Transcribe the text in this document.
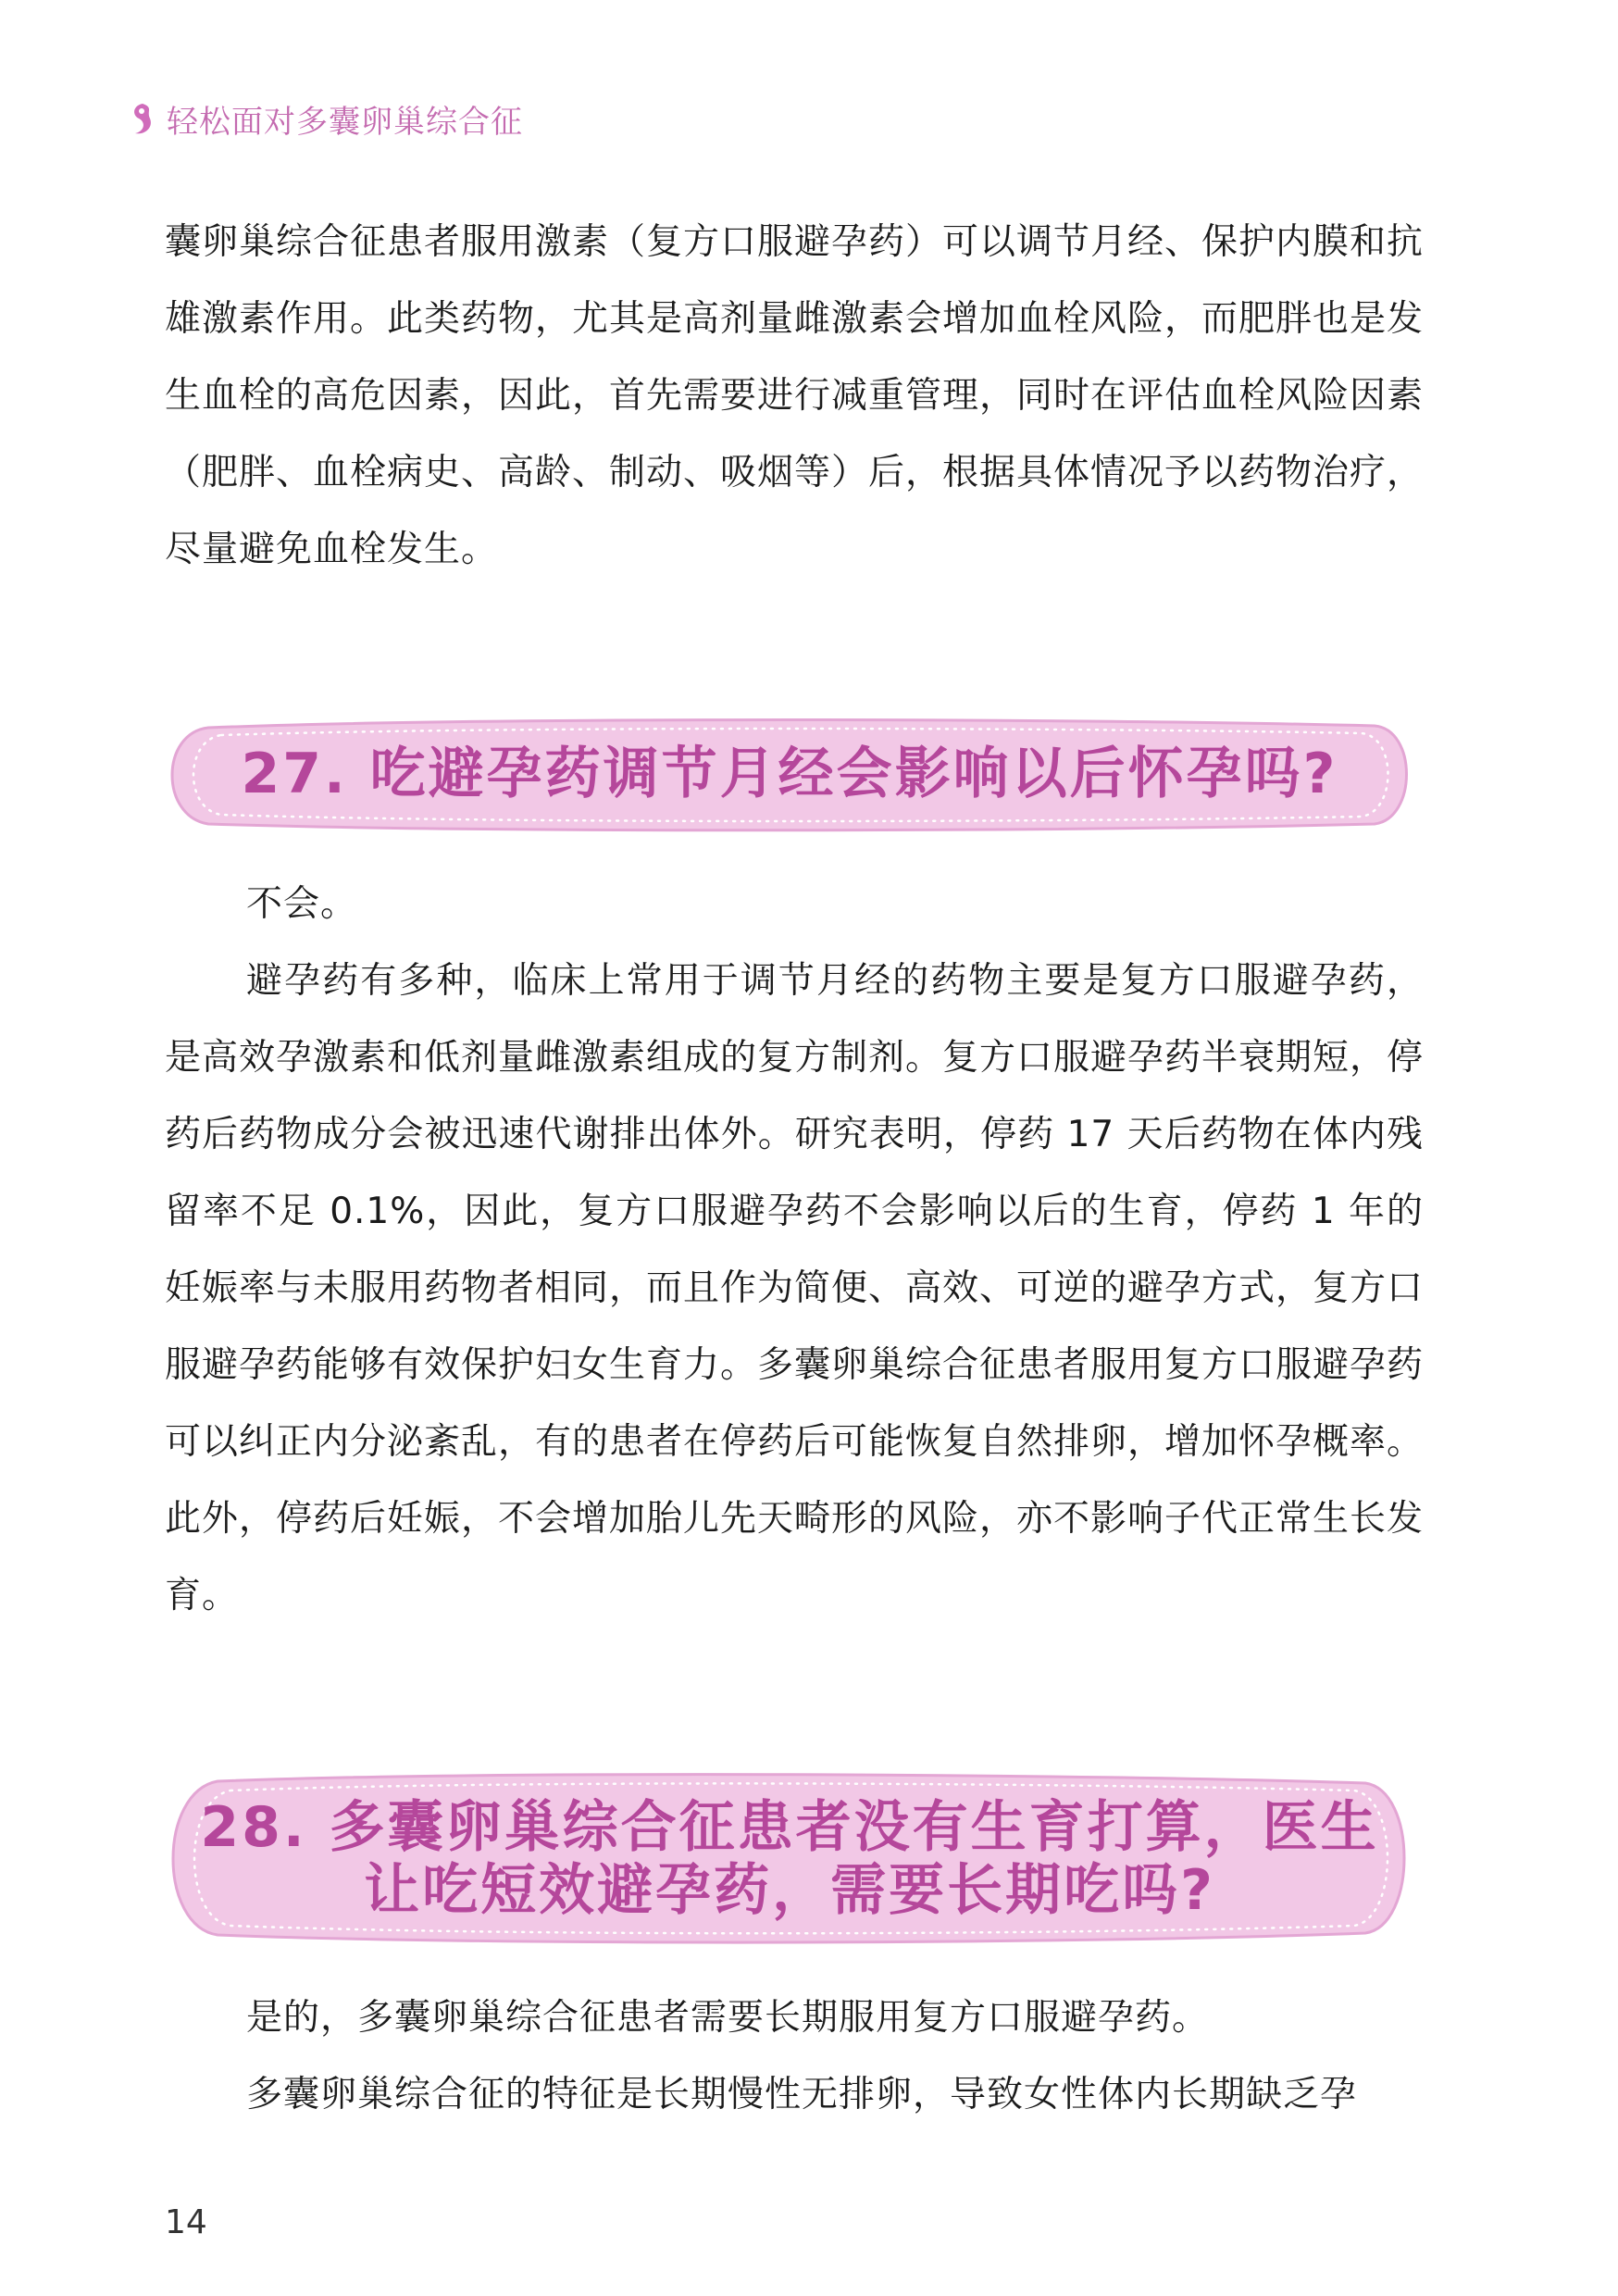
轻松面对多囊卵巢综合征

囊卵巢综合征患者服用激素（复方口服避孕药）可以调节月经、保护内膜和抗雄激素作用。此类药物，尤其是高剂量雌激素会增加血栓风险，而肥胖也是发生血栓的高危因素，因此，首先需要进行减重管理，同时在评估血栓风险因素（肥胖、血栓病史、高龄、制动、吸烟等）后，根据具体情况予以药物治疗，尽量避免血栓发生。

27. 吃避孕药调节月经会影响以后怀孕吗?

不会。

避孕药有多种，临床上常用于调节月经的药物主要是复方口服避孕药，是高效孕激素和低剂量雌激素组成的复方制剂。复方口服避孕药半衰期短，停药后药物成分会被迅速代谢排出体外。研究表明，停药 17 天后药物在体内残留率不足 0.1%，因此，复方口服避孕药不会影响以后的生育，停药 1 年的妊娠率与未服用药物者相同，而且作为简便、高效、可逆的避孕方式，复方口服避孕药能够有效保护妇女生育力。多囊卵巢综合征患者服用复方口服避孕药可以纠正内分泌紊乱，有的患者在停药后可能恢复自然排卵，增加怀孕概率。此外，停药后妊娠，不会增加胎儿先天畸形的风险，亦不影响子代正常生长发育。

28. 多囊卵巢综合征患者没有生育打算，医生
让吃短效避孕药，需要长期吃吗?

是的，多囊卵巢综合征患者需要长期服用复方口服避孕药。

多囊卵巢综合征的特征是长期慢性无排卵，导致女性体内长期缺乏孕

14
